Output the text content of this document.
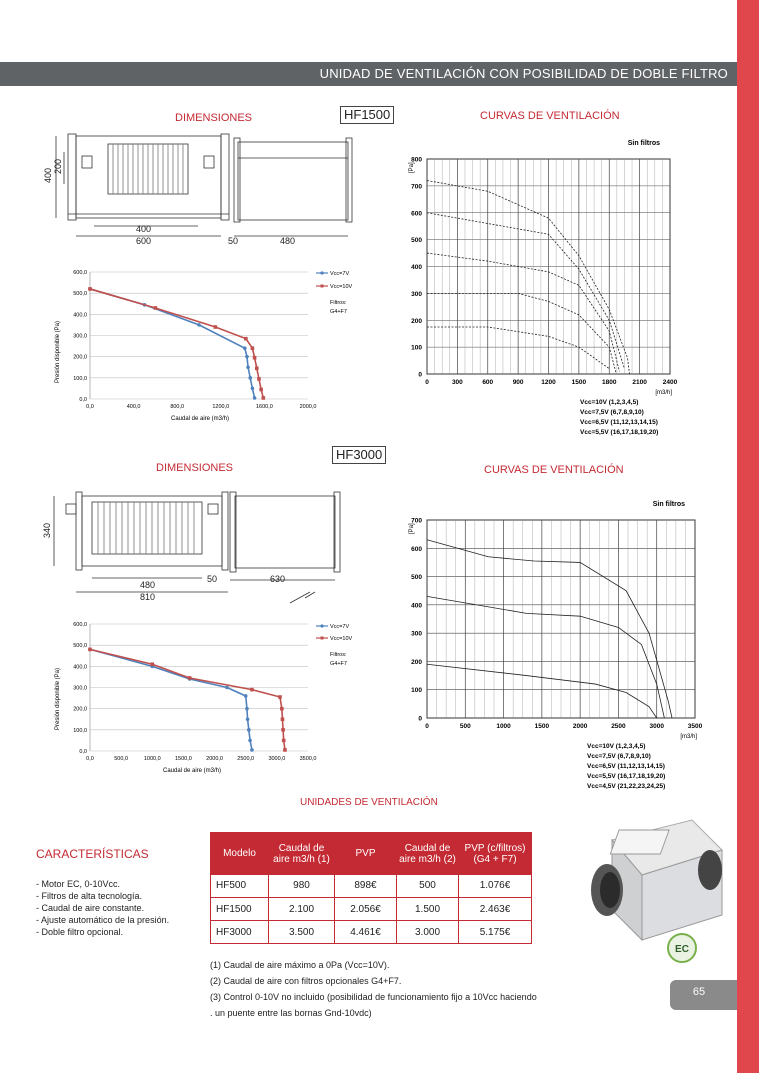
UNIDAD DE VENTILACIÓN CON POSIBILIDAD DE DOBLE FILTRO
DIMENSIONES	HF1500	CURVAS DE VENTILACIÓN
400
200
400
600	50	480
0,0
100,0
200,0
300,0
400,0
500,0
600,0
0,0	400,0	800,0	1200,0	1600,0	2000,0
Presión disponible (Pa)
Caudal de aire (m3/h)
Vcc=7V
Vcc=10V
Filtros:
G4+F7
Sin filtros
[Pa]
800
700
600
500
400
300
200
100
0
0	300	600	900	1200 1500 1800 2100 2400
[m3/h]
Vcc=10V (1,2,3,4,5)
Vcc=7,5V (6,7,8,9,10)
Vcc=6,5V (11,12,13,14,15)
Vcc=5,5V (16,17,18,19,20)
HF3000
DIMENSIONES	CURVAS DE VENTILACIÓN
340
480
810
50	630
0,0
100,0
200,0
300,0
400,0
500,0
600,0
0,0	500,0	1000,0	1500,0	2000,0	2500,0	3000,0	3500,0
Presión disponible (Pa)
Caudal de aire (m3/h)
Vcc=7V
Vcc=10V
Filtros:
G4+F7
Sin filtros
[Pa]
700
600
500
400
300
200
100
0
0	500	1000	1500	2000	2500	3000	3500
[m3/h]
Vcc=10V (1,2,3,4,5)
Vcc=7,5V (6,7,8,9,10)
Vcc=6,5V (11,12,13,14,15)
Vcc=5,5V (16,17,18,19,20)
Vcc=4,5V (21,22,23,24,25)
UNIDADES DE VENTILACIÓN
Modelo	Caudal de aire m3/h (1)	PVP	Caudal de aire m3/h (2)	PVP (c/filtros) (G4 + F7)
HF500	980	898€	500	1.076€
HF1500	2.100	2.056€	1.500	2.463€
HF3000	3.500	4.461€	3.000	5.175€
CARACTERÍSTICAS
- Motor EC, 0-10Vcc.
- Filtros de alta tecnología.
- Caudal de aire constante.
- Ajuste automático de la presión.
- Doble filtro opcional.
(1) Caudal de aire máximo a 0Pa (Vcc=10V).
(2) Caudal de aire con filtros opcionales G4+F7.
(3) Control 0-10V no incluido (posibilidad de funcionamiento fijo a 10Vcc haciendo
. un puente entre las bornas Gnd-10vdc)
EC
65
